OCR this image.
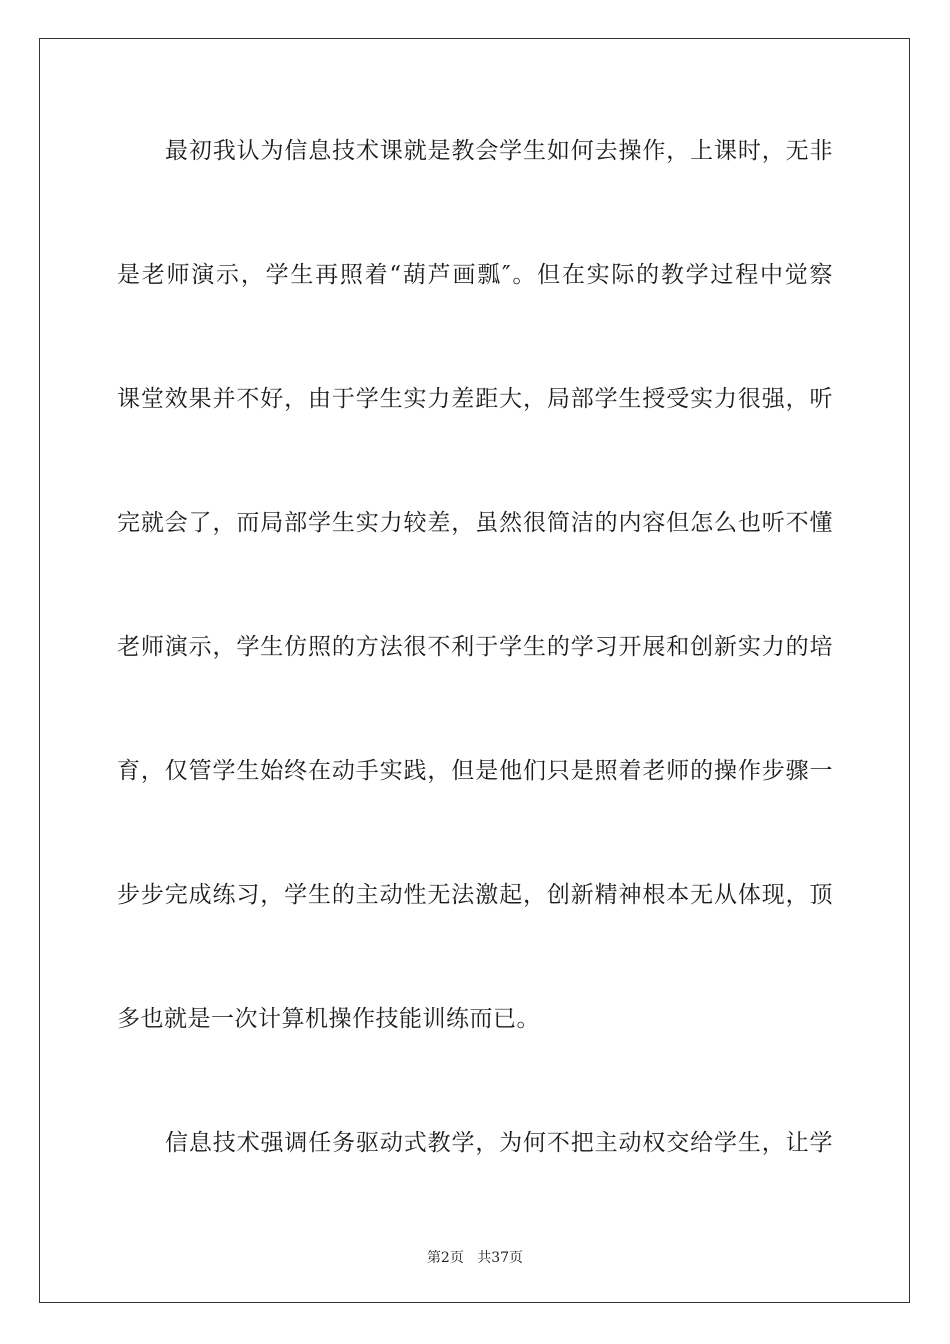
最初我认为信息技术课就是教会学生如何去操作，上课时，无非
是老师演示，学生再照着“葫芦画瓢″。但在实际的教学过程中觉察
课堂效果并不好，由于学生实力差距大，局部学生授受实力很强，听
完就会了，而局部学生实力较差，虽然很简洁的内容但怎么也听不懂
老师演示，学生仿照的方法很不利于学生的学习开展和创新实力的培
育，仅管学生始终在动手实践，但是他们只是照着老师的操作步骤一
步步完成练习，学生的主动性无法激起，创新精神根本无从体现，顶
多也就是一次计算机操作技能训练而已。
信息技术强调任务驱动式教学，为何不把主动权交给学生，让学
第2页 共37页
